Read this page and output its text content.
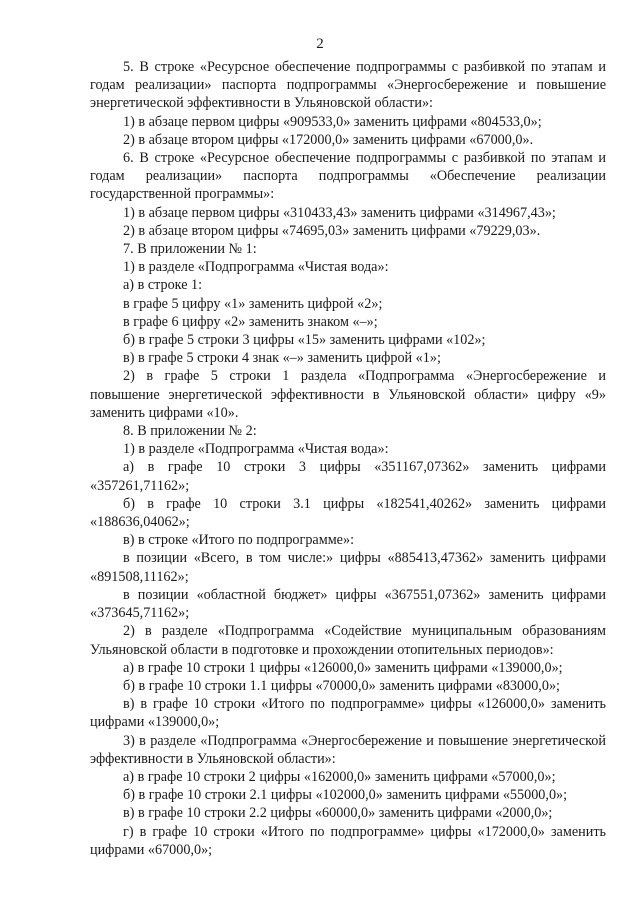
2

5. В строке «Ресурсное обеспечение подпрограммы с разбивкой по этапам и годам реализации» паспорта подпрограммы «Энергосбережение и повышение энергетической эффективности в Ульяновской области»:

1) в абзаце первом цифры «909533,0» заменить цифрами «804533,0»;

2) в абзаце втором цифры «172000,0» заменить цифрами «67000,0».

6. В строке «Ресурсное обеспечение подпрограммы с разбивкой по этапам и годам реализации» паспорта подпрограммы «Обеспечение реализации государственной программы»:

1) в абзаце первом цифры «310433,43» заменить цифрами «314967,43»;

2) в абзаце втором цифры «74695,03» заменить цифрами «79229,03».

7. В приложении № 1:

1) в разделе «Подпрограмма «Чистая вода»:

а) в строке 1:

в графе 5 цифру «1» заменить цифрой «2»;

в графе 6 цифру «2» заменить знаком «–»;

б) в графе 5 строки 3 цифры «15» заменить цифрами «102»;

в) в графе 5 строки 4 знак «–» заменить цифрой «1»;

2) в графе 5 строки 1 раздела «Подпрограмма «Энергосбережение и повышение энергетической эффективности в Ульяновской области» цифру «9» заменить цифрами «10».

8. В приложении № 2:

1) в разделе «Подпрограмма «Чистая вода»:

а) в графе 10 строки 3 цифры «351167,07362» заменить цифрами «357261,71162»;

б) в графе 10 строки 3.1 цифры «182541,40262» заменить цифрами «188636,04062»;

в) в строке «Итого по подпрограмме»:

в позиции «Всего, в том числе:» цифры «885413,47362» заменить цифрами «891508,11162»;

в позиции «областной бюджет» цифры «367551,07362» заменить цифрами «373645,71162»;

2) в разделе «Подпрограмма «Содействие муниципальным образованиям Ульяновской области в подготовке и прохождении отопительных периодов»:

а) в графе 10 строки 1 цифры «126000,0» заменить цифрами «139000,0»;

б) в графе 10 строки 1.1 цифры «70000,0» заменить цифрами «83000,0»;

в) в графе 10 строки «Итого по подпрограмме» цифры «126000,0» заменить цифрами «139000,0»;

3) в разделе «Подпрограмма «Энергосбережение и повышение энергетической эффективности в Ульяновской области»:

а) в графе 10 строки 2 цифры «162000,0» заменить цифрами «57000,0»;

б) в графе 10 строки 2.1 цифры «102000,0» заменить цифрами «55000,0»;

в) в графе 10 строки 2.2 цифры «60000,0» заменить цифрами «2000,0»;

г) в графе 10 строки «Итого по подпрограмме» цифры «172000,0» заменить цифрами «67000,0»;
